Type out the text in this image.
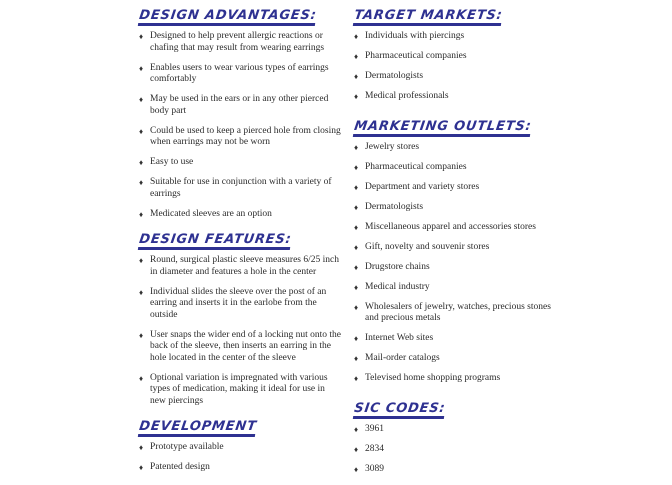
DESIGN ADVANTAGES:
♦ Designed to help prevent allergic reactions or chafing that may result from wearing earrings
♦ Enables users to wear various types of earrings comfortably
♦ May be used in the ears or in any other pierced body part
♦ Could be used to keep a pierced hole from closing when earrings may not be worn
♦ Easy to use
♦ Suitable for use in conjunction with a variety of earrings
♦ Medicated sleeves are an option
DESIGN FEATURES:
♦ Round, surgical plastic sleeve measures 6/25 inch in diameter and features a hole in the center
♦ Individual slides the sleeve over the post of an earring and inserts it in the earlobe from the outside
♦ User snaps the wider end of a locking nut onto the back of the sleeve, then inserts an earring in the hole located in the center of the sleeve
♦ Optional variation is impregnated with various types of medication, making it ideal for use in new piercings
DEVELOPMENT
♦ Prototype available
♦ Patented design
TARGET MARKETS:
♦ Individuals with piercings
♦ Pharmaceutical companies
♦ Dermatologists
♦ Medical professionals
MARKETING OUTLETS:
♦ Jewelry stores
♦ Pharmaceutical companies
♦ Department and variety stores
♦ Dermatologists
♦ Miscellaneous apparel and accessories stores
♦ Gift, novelty and souvenir stores
♦ Drugstore chains
♦ Medical industry
♦ Wholesalers of jewelry, watches, precious stones and precious metals
♦ Internet Web sites
♦ Mail-order catalogs
♦ Televised home shopping programs
SIC CODES:
♦ 3961
♦ 2834
♦ 3089
